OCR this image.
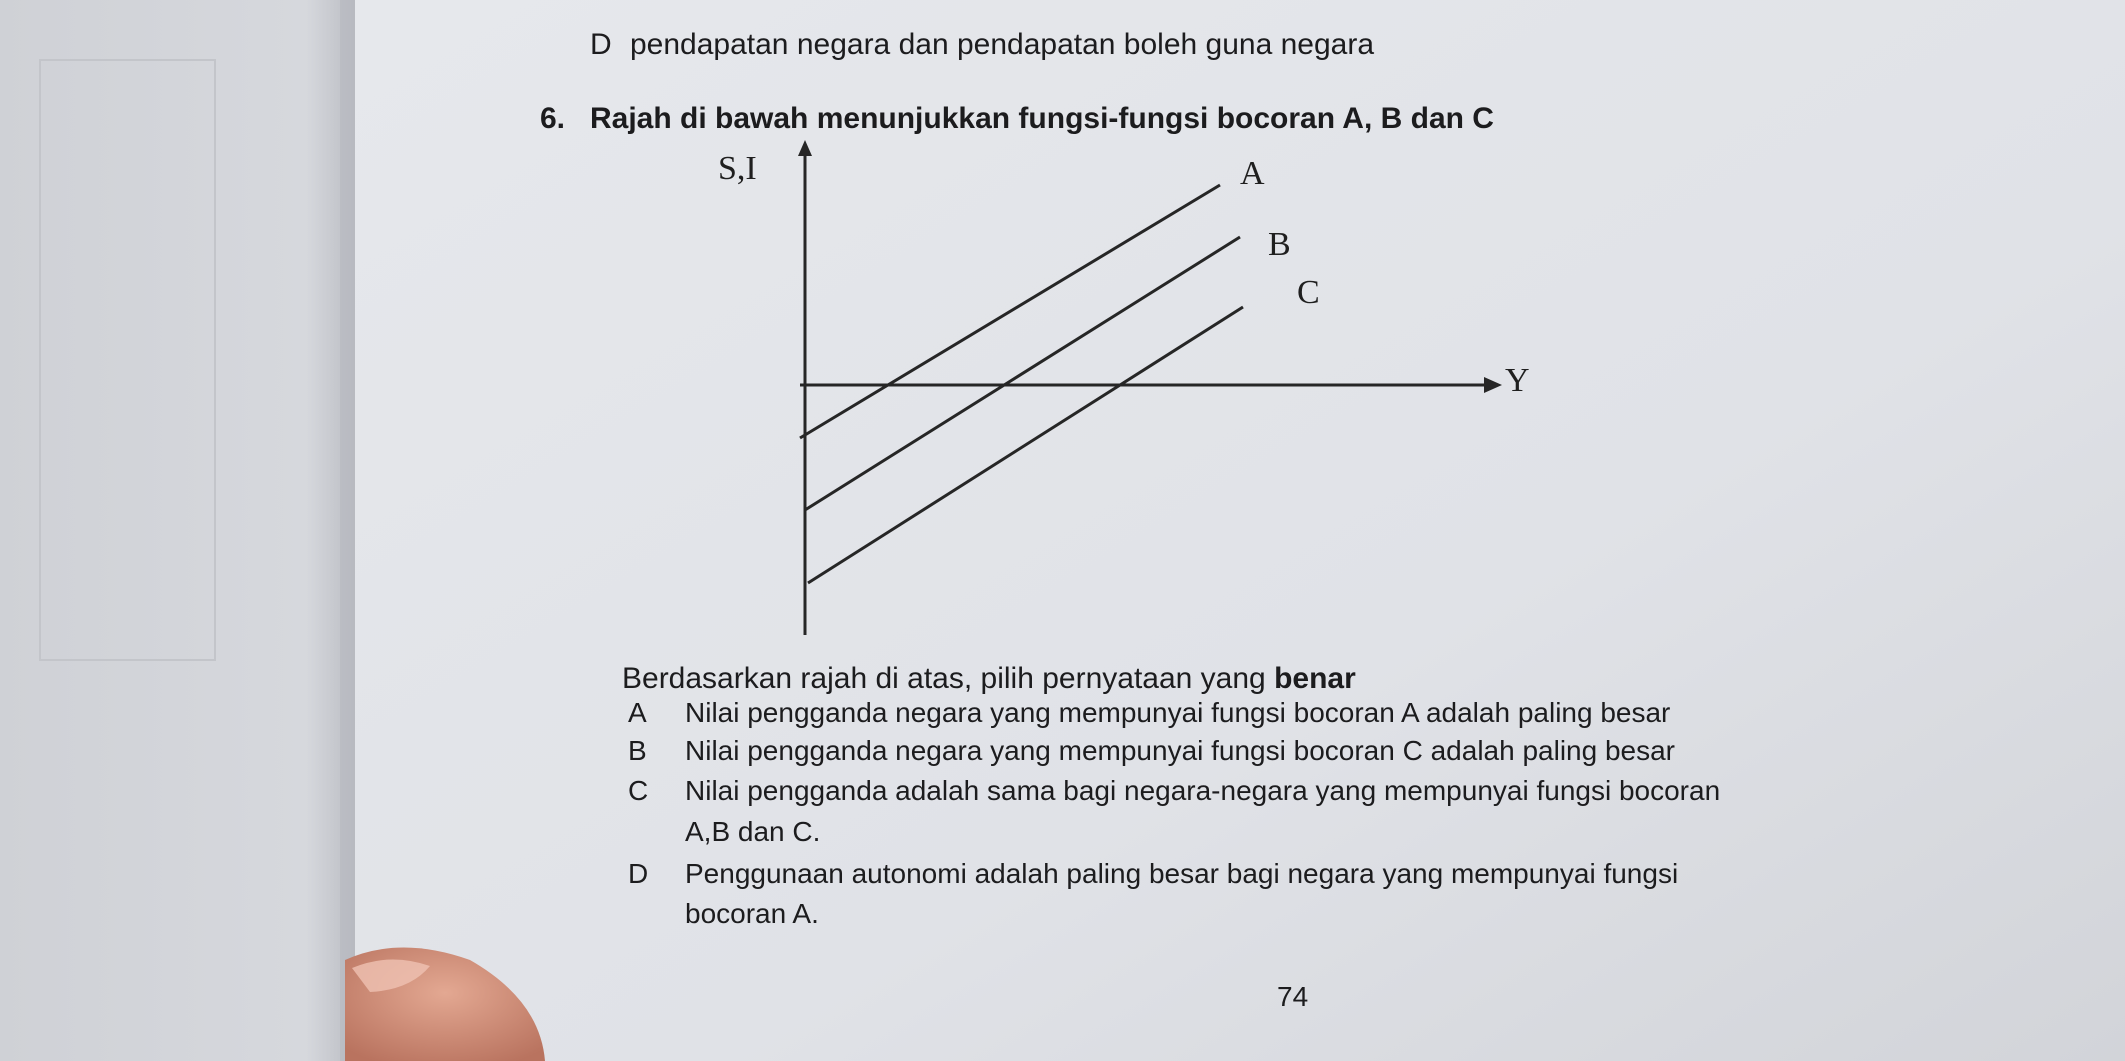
S,I
Y
A
B
C
D pendapatan negara dan pendapatan boleh guna negara
6. Rajah di bawah menunjukkan fungsi-fungsi bocoran A, B dan C
Berdasarkan rajah di atas, pilih pernyataan yang benar
A Nilai pengganda negara yang mempunyai fungsi bocoran A adalah paling besar
B Nilai pengganda negara yang mempunyai fungsi bocoran C adalah paling besar
C Nilai pengganda adalah sama bagi negara-negara yang mempunyai fungsi bocoran
A,B dan C.
D Penggunaan autonomi adalah paling besar bagi negara yang mempunyai fungsi
bocoran A.
74
